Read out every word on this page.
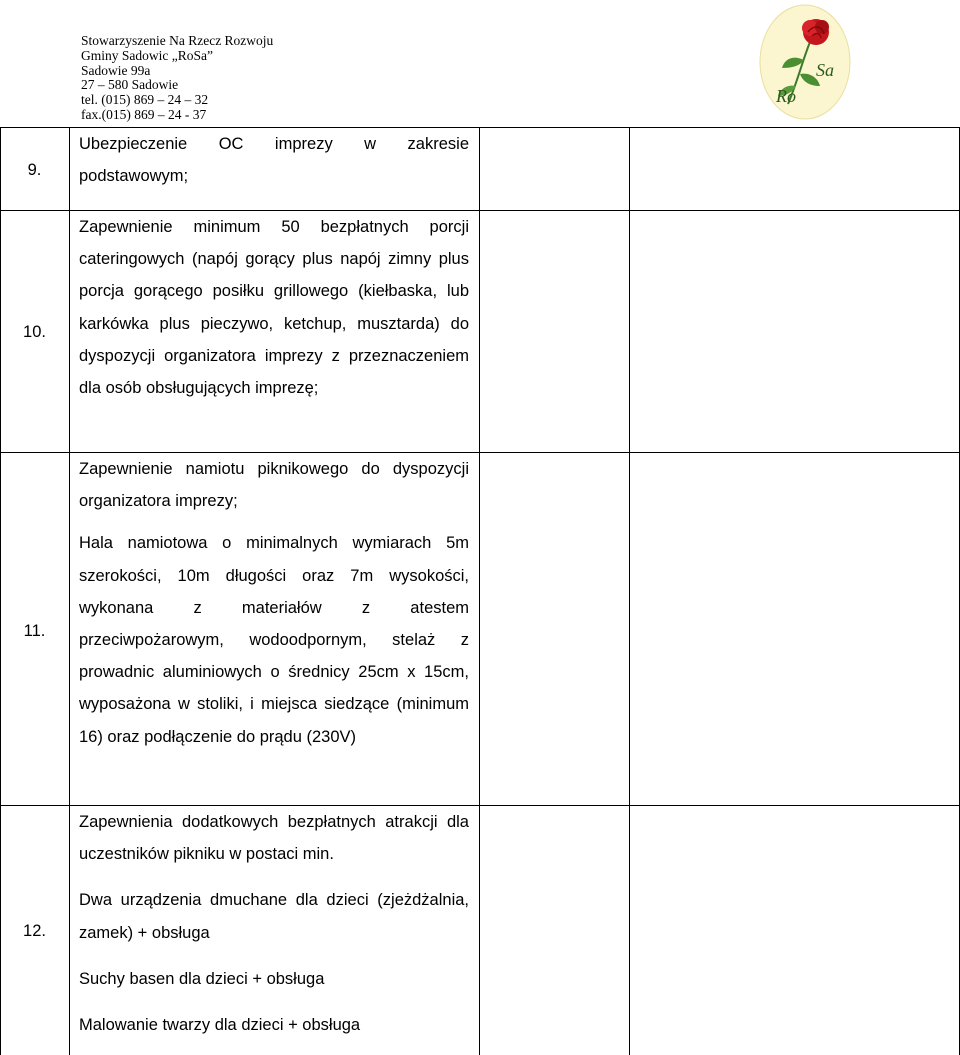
Stowarzyszenie Na Rzecz Rozwoju
Gminy Sadowic „RoSa”
Sadowie 99a
27 – 580 Sadowie
tel. (015) 869 – 24 – 32
fax.(015) 869 – 24 - 37
Sa
Ro
9.

Ubezpieczenie OC imprezy w zakresie podstawowym;

10.

Zapewnienie minimum 50 bezpłatnych porcji cateringowych (napój gorący plus napój zimny plus porcja gorącego posiłku grillowego (kiełbaska, lub karkówka plus pieczywo, ketchup, musztarda) do dyspozycji organizatora imprezy z przeznaczeniem dla osób obsługujących imprezę;

11.

Zapewnienie namiotu piknikowego do dyspozycji organizatora imprezy;

Hala namiotowa o minimalnych wymiarach 5m szerokości, 10m długości oraz 7m wysokości, wykonana z materiałów z atestem przeciwpożarowym, wodoodpornym, stelaż z prowadnic aluminiowych o średnicy 25cm x 15cm, wyposażona w stoliki, i miejsca siedzące (minimum 16) oraz podłączenie do prądu (230V)

12.

Zapewnienia dodatkowych bezpłatnych atrakcji dla uczestników pikniku w postaci min.

Dwa urządzenia dmuchane dla dzieci (zjeżdżalnia, zamek) + obsługa

Suchy basen dla dzieci + obsługa

Malowanie twarzy dla dzieci + obsługa
